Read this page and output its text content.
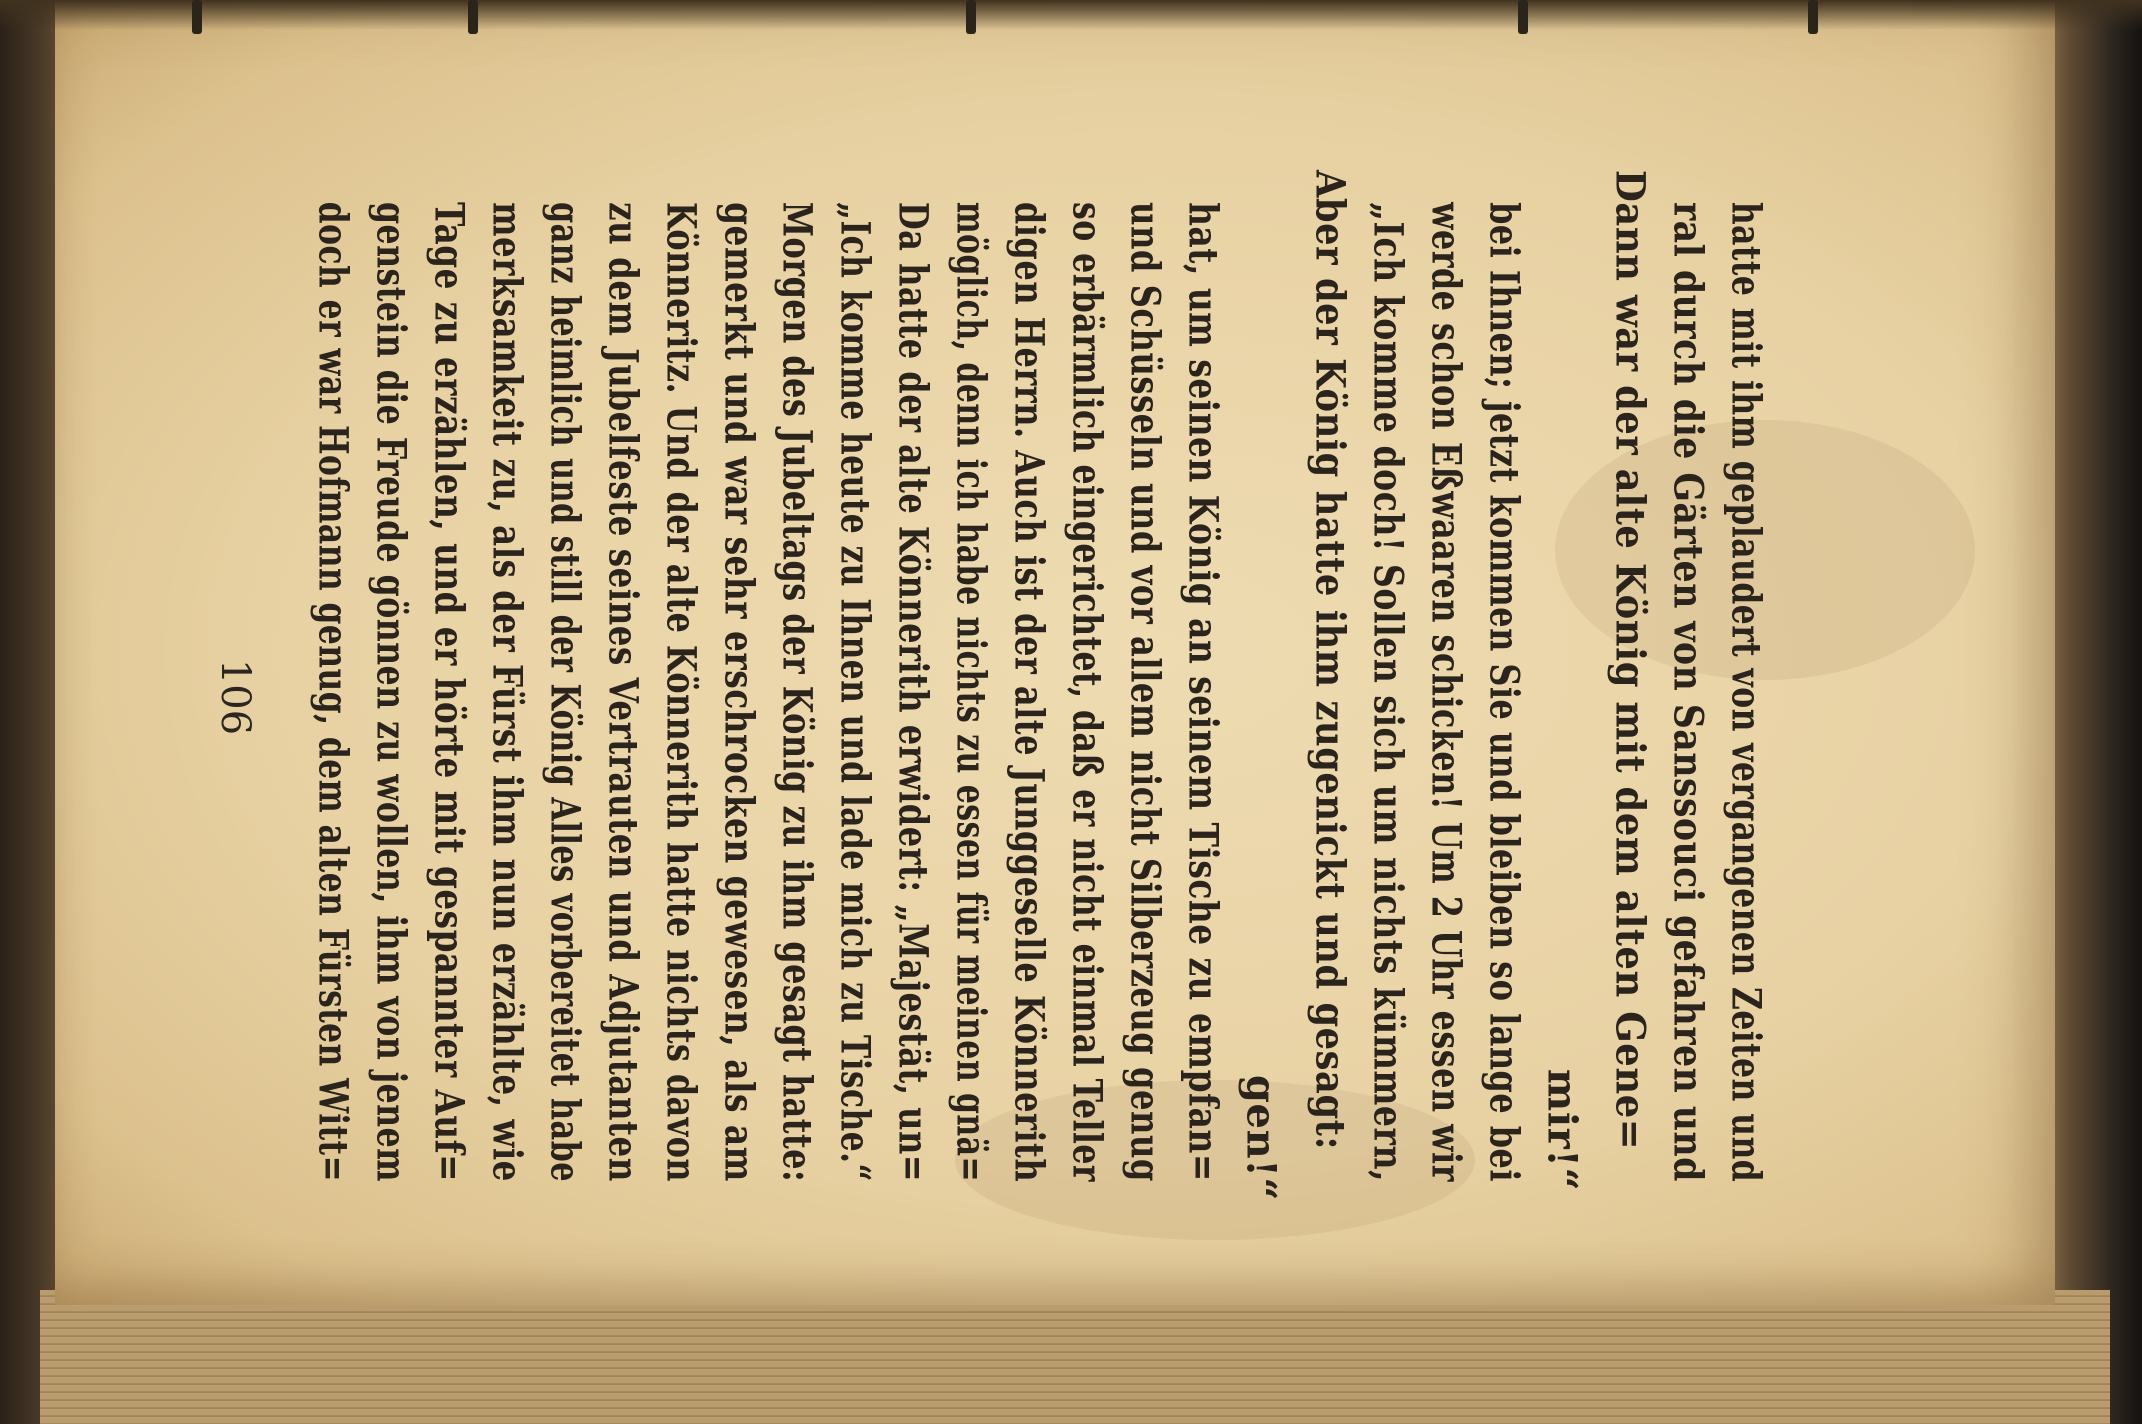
106 doch er war Hofmann genug, dem alten Fürsten Witt= genstein die Freude gönnen zu wollen, ihm von jenem Tage zu erzählen, und er hörte mit gespannter Auf= merksamkeit zu, als der Fürst ihm nun erzählte, wie ganz heimlich und still der König Alles vorbereitet habe zu dem Jubelfeste seines Vertrauten und Adjutanten Könneritz. Und der alte Könnerith hatte nichts davon gemerkt und war sehr erschrocken gewesen, als am Morgen des Jubeltags der König zu ihm gesagt hatte: „Ich komme heute zu Ihnen und lade mich zu Tische.“ Da hatte der alte Könnerith erwidert: „Majestät, un= möglich, denn ich habe nichts zu essen für meinen gnä= digen Herrn. Auch ist der alte Junggeselle Könnerith so erbärmlich eingerichtet, daß er nicht einmal Teller und Schüsseln und vor allem nicht Silberzeug genug hat, um seinen König an seinem Tische zu empfan= gen!“ Aber der König hatte ihm zugenickt und gesagt: „Ich komme doch! Sollen sich um nichts kümmern, werde schon Eßwaaren schicken! Um 2 Uhr essen wir bei Ihnen; jetzt kommen Sie und bleiben so lange bei mir!“ Dann war der alte König mit dem alten Gene= ral durch die Gärten von Sanssouci gefahren und hatte mit ihm geplaudert von vergangenen Zeiten und
